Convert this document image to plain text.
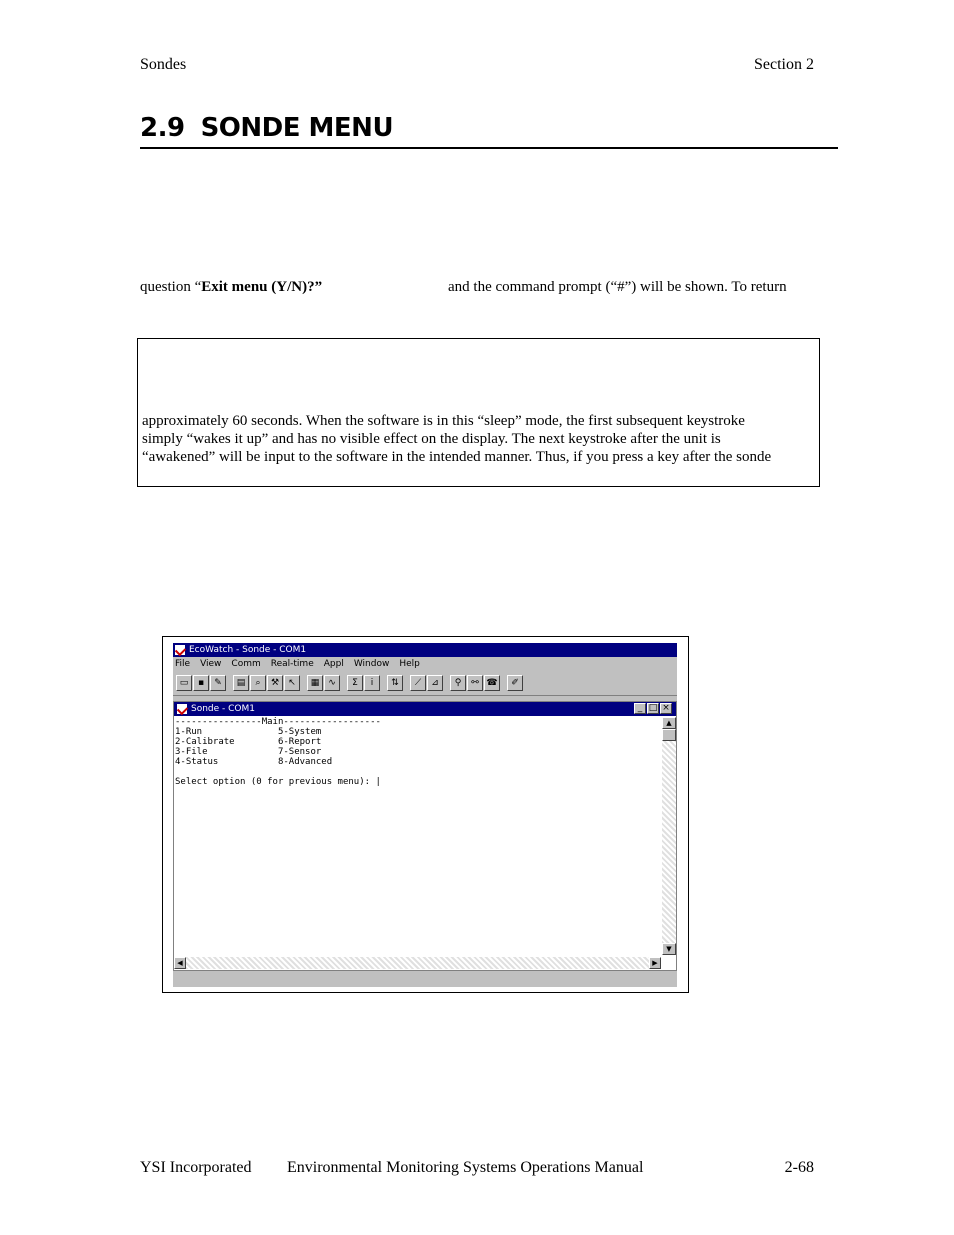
Sondes	Section 2
2.9 SONDE MENU
question “Exit menu (Y/N)?”	and the command prompt (“#”) will be shown. To return

approximately 60 seconds. When the software is in this “sleep” mode, the first subsequent keystroke
simply “wakes it up” and has no visible effect on the display. The next keystroke after the unit is
“awakened” will be input to the software in the intended manner. Thus, if you press a key after the sonde

EcoWatch - Sonde - COM1
File View Comm Real-time Appl Window Help
▭	▪	✎	▤	⌕	⚒	↖	▦ ∿	Σ	i	⇅	⟋	⊿	⚲	⚯ ☎	✐
Sonde - COM1	_ □ ×
----------------Main------------------
1-Run              5-System
2-Calibrate        6-Report
3-File             7-Sensor
4-Status           8-Advanced

Select option (0 for previous menu): |
▲
▼
◀	▶
YSI Incorporated Environmental Monitoring Systems Operations Manual	2-68
